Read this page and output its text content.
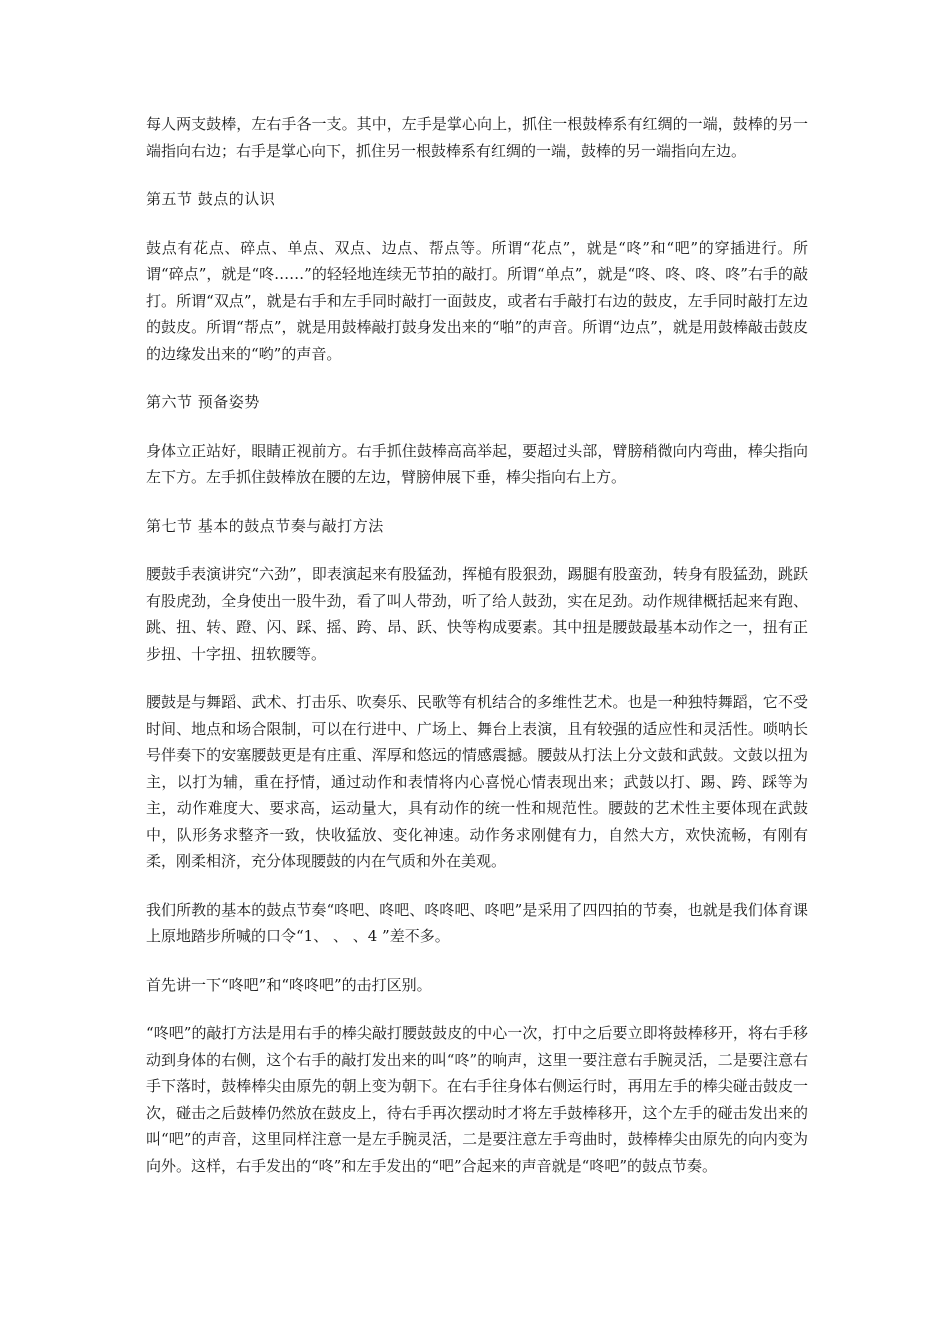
每人两支鼓棒，左右手各一支。其中，左手是掌心向上，抓住一根鼓棒系有红绸的一端，鼓棒的另一端指向右边；右手是掌心向下，抓住另一根鼓棒系有红绸的一端，鼓棒的另一端指向左边。

第五节 鼓点的认识

鼓点有花点、碎点、单点、双点、边点、帮点等。所谓“花点”，就是“咚”和“吧”的穿插进行。所谓“碎点”，就是“咚……”的轻轻地连续无节拍的敲打。所谓“单点”，就是“咚、咚、咚、咚”右手的敲打。所谓“双点”，就是右手和左手同时敲打一面鼓皮，或者右手敲打右边的鼓皮，左手同时敲打左边的鼓皮。所谓“帮点”，就是用鼓棒敲打鼓身发出来的“啪”的声音。所谓“边点”，就是用鼓棒敲击鼓皮的边缘发出来的“哟”的声音。

第六节 预备姿势

身体立正站好，眼睛正视前方。右手抓住鼓棒高高举起，要超过头部，臂膀稍微向内弯曲，棒尖指向左下方。左手抓住鼓棒放在腰的左边，臂膀伸展下垂，棒尖指向右上方。

第七节 基本的鼓点节奏与敲打方法

腰鼓手表演讲究“六劲”，即表演起来有股猛劲，挥槌有股狠劲，踢腿有股蛮劲，转身有股猛劲，跳跃有股虎劲，全身使出一股牛劲，看了叫人带劲，听了给人鼓劲，实在足劲。动作规律概括起来有跑、跳、扭、转、蹬、闪、踩、摇、跨、昂、跃、快等构成要素。其中扭是腰鼓最基本动作之一，扭有正步扭、十字扭、扭软腰等。

腰鼓是与舞蹈、武术、打击乐、吹奏乐、民歌等有机结合的多维性艺术。也是一种独特舞蹈，它不受时间、地点和场合限制，可以在行进中、广场上、舞台上表演，且有较强的适应性和灵活性。唢呐长号伴奏下的安塞腰鼓更是有庄重、浑厚和悠远的情感震撼。腰鼓从打法上分文鼓和武鼓。文鼓以扭为主，以打为辅，重在抒情，通过动作和表情将内心喜悦心情表现出来；武鼓以打、踢、跨、踩等为主，动作难度大、要求高，运动量大，具有动作的统一性和规范性。腰鼓的艺术性主要体现在武鼓中，队形务求整齐一致，快收猛放、变化神速。动作务求刚健有力，自然大方，欢快流畅，有刚有柔，刚柔相济，充分体现腰鼓的内在气质和外在美观。

我们所教的基本的鼓点节奏“咚吧、咚吧、咚咚吧、咚吧”是采用了四四拍的节奏，也就是我们体育课上原地踏步所喊的口令“1、 、 、4 ”差不多。

首先讲一下“咚吧”和“咚咚吧”的击打区别。

“咚吧”的敲打方法是用右手的棒尖敲打腰鼓鼓皮的中心一次，打中之后要立即将鼓棒移开，将右手移动到身体的右侧，这个右手的敲打发出来的叫“咚”的响声，这里一要注意右手腕灵活，二是要注意右手下落时，鼓棒棒尖由原先的朝上变为朝下。在右手往身体右侧运行时，再用左手的棒尖碰击鼓皮一次，碰击之后鼓棒仍然放在鼓皮上，待右手再次摆动时才将左手鼓棒移开，这个左手的碰击发出来的叫“吧”的声音，这里同样注意一是左手腕灵活，二是要注意左手弯曲时，鼓棒棒尖由原先的向内变为向外。这样，右手发出的“咚”和左手发出的“吧”合起来的声音就是“咚吧”的鼓点节奏。
